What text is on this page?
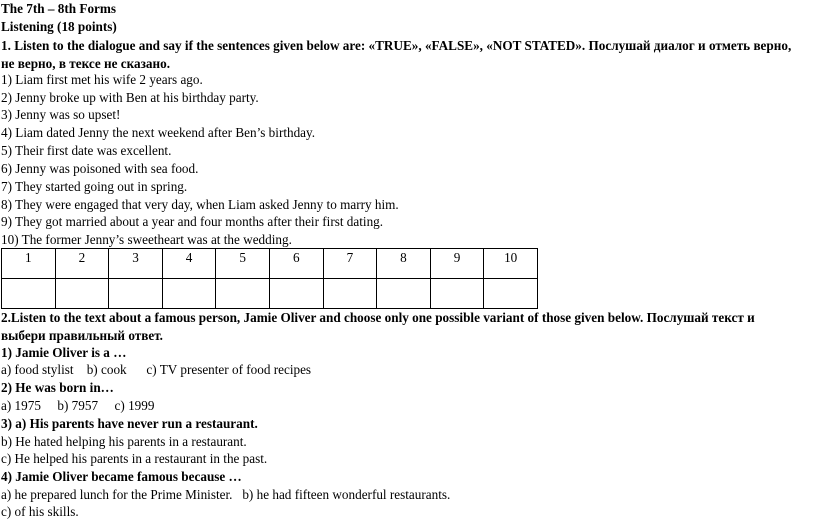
The 7th – 8th Forms
Listening (18 points)
1. Listen to the dialogue and say if the sentences given below are: «TRUE», «FALSE», «NOT STATED». Послушай диалог и отметь верно,
не верно, в тексе не сказано.
1) Liam first met his wife 2 years ago.
2) Jenny broke up with Ben at his birthday party.
3) Jenny was so upset!
4) Liam dated Jenny the next weekend after Ben’s birthday.
5) Their first date was excellent.
6) Jenny was poisoned with sea food.
7) They started going out in spring.
8) They were engaged that very day, when Liam asked Jenny to marry him.
9) They got married about a year and four months after their first dating.
10) The former Jenny’s sweetheart was at the wedding.
1	2	3	4	5	6	7	8	9	10

2.Listen to the text about a famous person, Jamie Oliver and choose only one possible variant of those given below. Послушай текст и
выбери правильный ответ.
1) Jamie Oliver is a …
a) food stylist    b) cook      c) TV presenter of food recipes
2) He was born in…
a) 1975     b) 7957     c) 1999
3) a) His parents have never run a restaurant.
b) He hated helping his parents in a restaurant.
c) He helped his parents in a restaurant in the past.
4) Jamie Oliver became famous because …
a) he prepared lunch for the Prime Minister.   b) he had fifteen wonderful restaurants.
c) of his skills.
